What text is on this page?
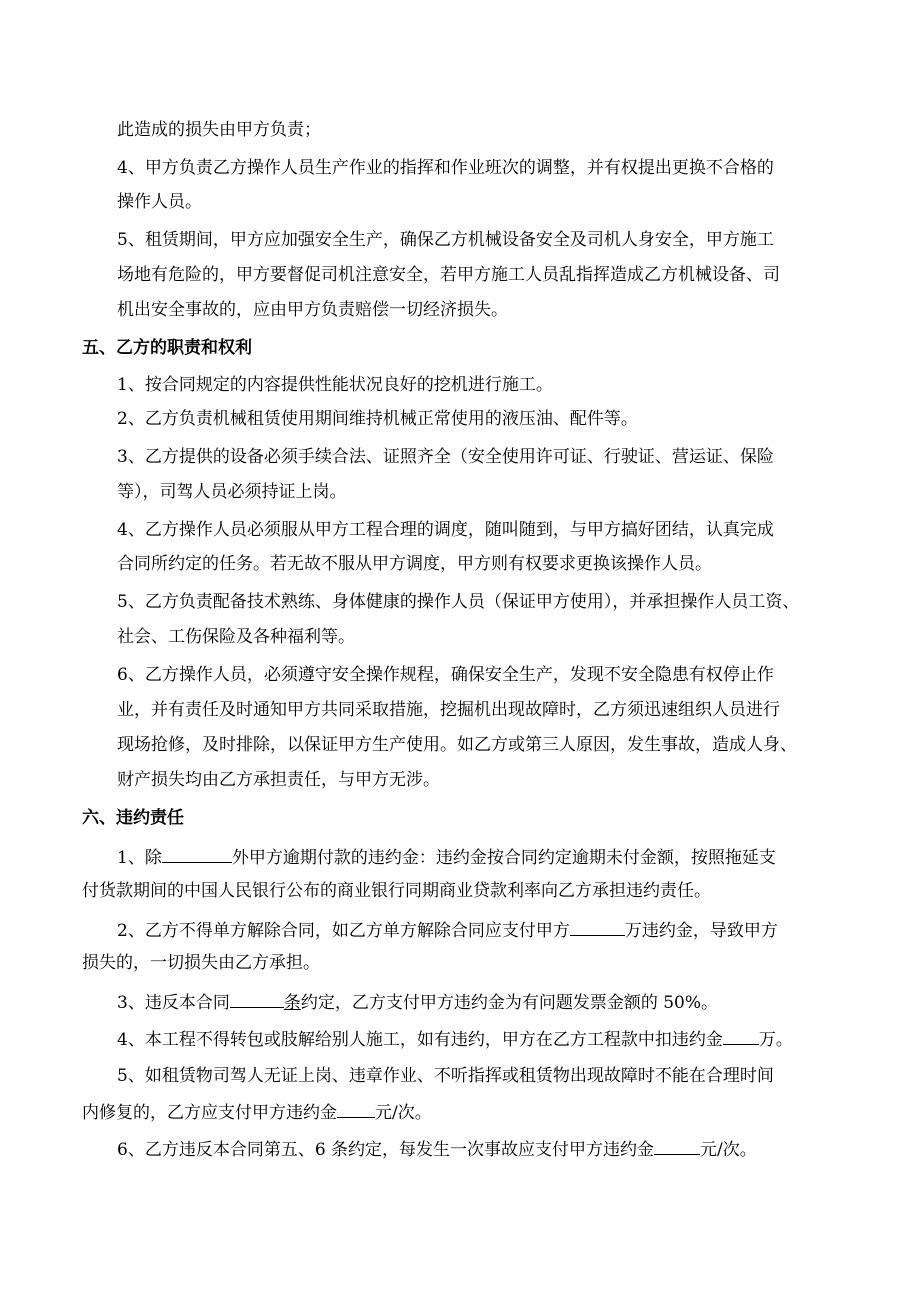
此造成的损失由甲方负责；

4、甲方负责乙方操作人员生产作业的指挥和作业班次的调整，并有权提出更换不合格的

操作人员。

5、租赁期间，甲方应加强安全生产，确保乙方机械设备安全及司机人身安全，甲方施工

场地有危险的，甲方要督促司机注意安全，若甲方施工人员乱指挥造成乙方机械设备、司

机出安全事故的，应由甲方负责赔偿一切经济损失。

五、乙方的职责和权利

1、按合同规定的内容提供性能状况良好的挖机进行施工。

2、乙方负责机械租赁使用期间维持机械正常使用的液压油、配件等。

3、乙方提供的设备必须手续合法、证照齐全（安全使用许可证、行驶证、营运证、保险

等），司驾人员必须持证上岗。

4、乙方操作人员必须服从甲方工程合理的调度，随叫随到，与甲方搞好团结，认真完成

合同所约定的任务。若无故不服从甲方调度，甲方则有权要求更换该操作人员。

5、乙方负责配备技术熟练、身体健康的操作人员（保证甲方使用），并承担操作人员工资、

社会、工伤保险及各种福利等。

6、乙方操作人员，必须遵守安全操作规程，确保安全生产，发现不安全隐患有权停止作

业，并有责任及时通知甲方共同采取措施，挖掘机出现故障时，乙方须迅速组织人员进行

现场抢修，及时排除，以保证甲方生产使用。如乙方或第三人原因，发生事故，造成人身、

财产损失均由乙方承担责任，与甲方无涉。

六、违约责任

1、除	外甲方逾期付款的违约金：违约金按合同约定逾期未付金额，按照拖延支

付货款期间的中国人民银行公布的商业银行同期商业贷款利率向乙方承担违约责任。

2、乙方不得单方解除合同，如乙方单方解除合同应支付甲方	万违约金，导致甲方

损失的，一切损失由乙方承担。

3、违反本合同	条约定，乙方支付甲方违约金为有问题发票金额的 50%。

4、本工程不得转包或肢解给别人施工，如有违约，甲方在乙方工程款中扣违约金 万。

5、如租赁物司驾人无证上岗、违章作业、不听指挥或租赁物出现故障时不能在合理时间

内修复的，乙方应支付甲方违约金 元/次。

6、乙方违反本合同第五、6 条约定，每发生一次事故应支付甲方违约金	元/次。
